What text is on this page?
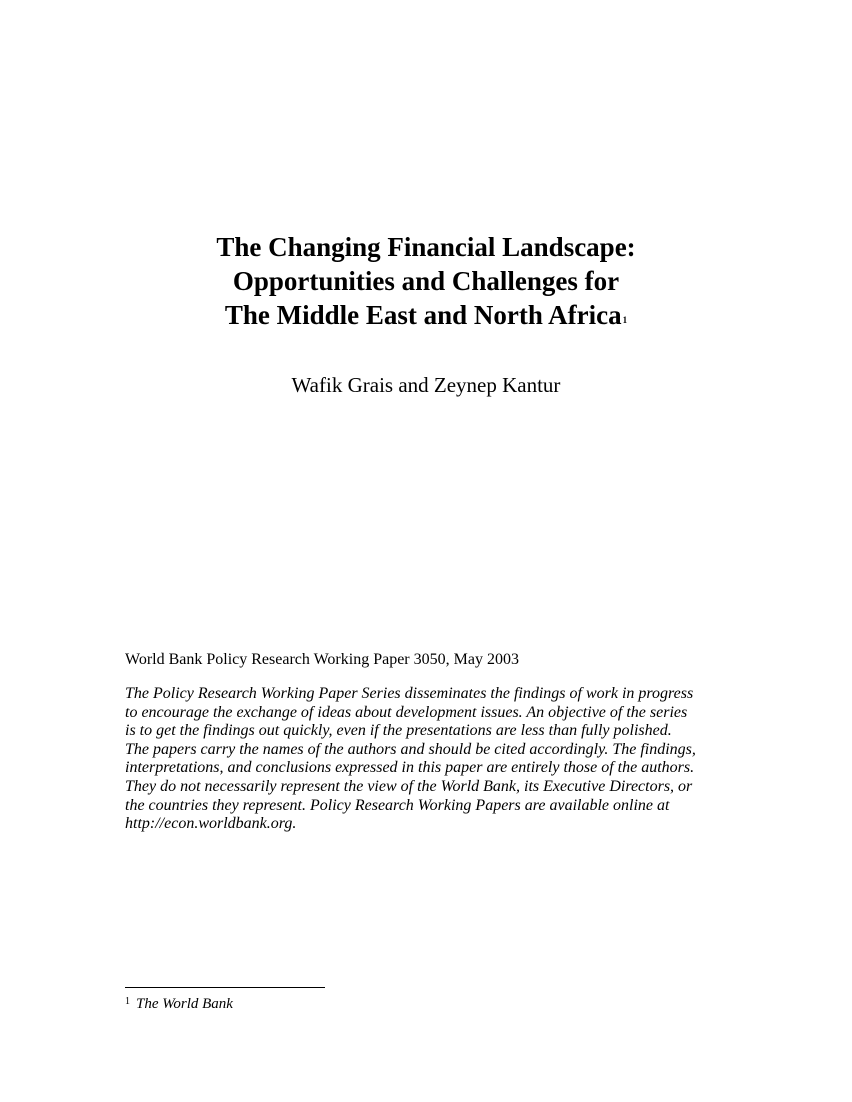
The Changing Financial Landscape:
Opportunities and Challenges for
The Middle East and North Africa$^1$
Wafik Grais and Zeynep Kantur
World Bank Policy Research Working Paper 3050, May 2003
The Policy Research Working Paper Series disseminates the findings of work in progress
to encourage the exchange of ideas about development issues. An objective of the series
is to get the findings out quickly, even if the presentations are less than fully polished.
The papers carry the names of the authors and should be cited accordingly. The findings,
interpretations, and conclusions expressed in this paper are entirely those of the authors.
They do not necessarily represent the view of the World Bank, its Executive Directors, or
the countries they represent. Policy Research Working Papers are available online at
http://econ.worldbank.org.
$^1$ The World Bank
